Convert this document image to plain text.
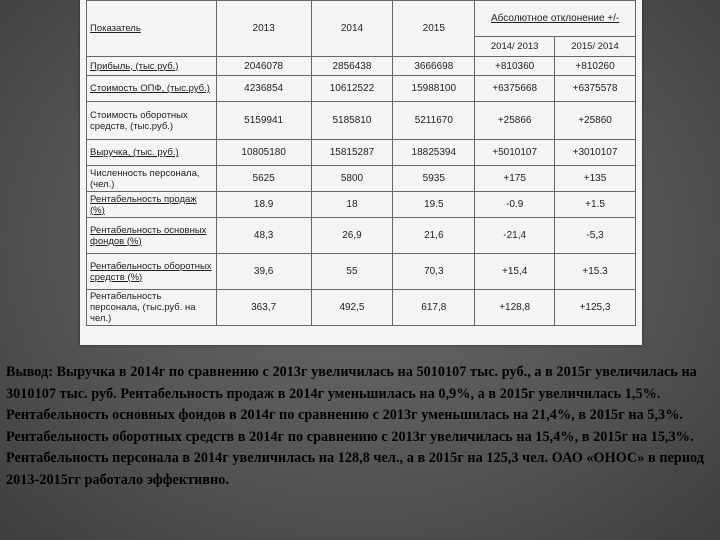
Показатель	2013	2014	2015	Абсолютное отклонение +/-	
				2014/ 2013	2015/ 2014
Прибыль, (тыс руб.)	2046078	2856438	3666698	+810360	+810260
Стоимость ОПФ, (тыс.руб.)	4236854	10612522	15988100	+6375668	+6375578
Стоимость оборотных средств, (тыс.руб.)	5159941	5185810	5211670	+25866	+25860
Выручка, (тыс. руб.)	10805180	15815287	18825394	+5010107	+3010107
Численность персонала, (чел.)	5625	5800	5935	+175	+135
Рентабельность продаж (%)	18.9	18	19.5	-0.9	+1.5
Рентабельность основных фондов (%)	48,3	26,9	21,6	-21,4	-5,3
Рентабельность оборотных средств (%)	39,6	55	70,3	+15,4	+15.3
Рентабельность персонала, (тыс.руб. на чел.)	363,7	492,5	617,8	+128,8	+125,3
Вывод: Выручка в 2014г по сравнению с 2013г увеличилась на 5010107 тыс. руб., а в 2015г увеличилась на 3010107 тыс. руб. Рентабельность продаж в 2014г уменьшилась на 0,9%, а в 2015г увеличилась 1,5%. Рентабельность основных фондов в 2014г по сравнению с 2013г уменьшилась на 21,4%, в 2015г на 5,3%. Рентабельность оборотных средств в 2014г по сравнению с 2013г увеличилась на 15,4%, в 2015г на 15,3%. Рентабельность персонала в 2014г увеличилась на 128,8 чел., а в 2015г на 125,3 чел. ОАО «ОНОС» в период 2013-2015гг работало эффективно.
